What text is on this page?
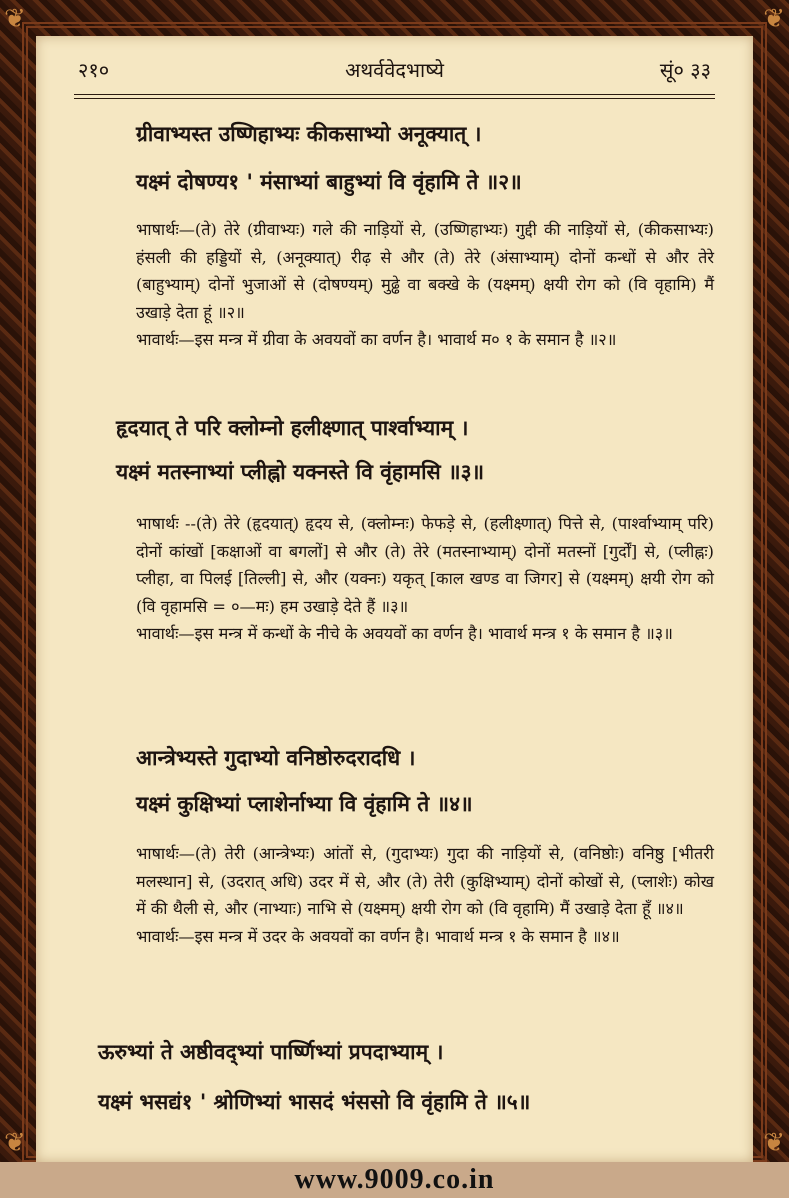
❦	❦
❦	❦
२१०	अथर्ववेदभाष्ये	सूं० ३३
ग्रीवाभ्यस्त उष्णिहाभ्यः कीकसाभ्यो अनूक्यात् ।
यक्ष्मं दोषण्य१ ' मंसाभ्यां बाहुभ्यां वि वृंहामि ते ॥२॥

भाषार्थः—(ते) तेरे (ग्रीवाभ्यः) गले की नाड़ियों से, (उष्णिहाभ्यः) गुद्दी की नाड़ियों से, (कीकसाभ्यः) हंसली की हड्डियों से, (अनूक्यात्) रीढ़ से और (ते) तेरे (अंसाभ्याम्) दोनों कन्धों से और तेरे (बाहुभ्याम्) दोनों भुजाओं से (दोषण्यम्) मुढ्ढे वा बक्खे के (यक्ष्मम्) क्षयी रोग को (वि वृहामि) मैं उखाड़े देता हूं ॥२॥

भावार्थः—इस मन्त्र में ग्रीवा के अवयवों का वर्णन है। भावार्थ म० १ के समान है ॥२॥

हृदयात् ते परि क्लोम्नो हलीक्ष्णात् पार्श्वाभ्याम् ।
यक्ष्मं मतस्नाभ्यां प्लीह्नो यक्नस्ते वि वृंहामसि ॥३॥

भाषार्थः --(ते) तेरे (हृदयात्) हृदय से, (क्लोम्नः) फेफड़े से, (हलीक्ष्णात्) पित्ते से, (पार्श्वाभ्याम् परि) दोनों कांखों [कक्षाओं वा बगलों] से और (ते) तेरे (मतस्नाभ्याम्) दोनों मतस्नों [गुर्दों] से, (प्लीह्नः) प्लीहा, वा पिलई [तिल्ली] से, और (यक्नः) यकृत् [काल खण्ड वा जिगर] से (यक्ष्मम्) क्षयी रोग को (वि वृहामसि = ०—मः) हम उखाड़े देते हैं ॥३॥

भावार्थः—इस मन्त्र में कन्धों के नीचे के अवयवों का वर्णन है। भावार्थ मन्त्र १ के समान है ॥३॥

आन्त्रेभ्यस्ते गुदाभ्यो वनिष्ठोरुदरादधि ।
यक्ष्मं कुक्षिभ्यां प्लाशेर्नाभ्या वि वृंहामि ते ॥४॥

भाषार्थः—(ते) तेरी (आन्त्रेभ्यः) आंतों से, (गुदाभ्यः) गुदा की नाड़ियों से, (वनिष्ठोः) वनिष्ठु [भीतरी मलस्थान] से, (उदरात् अधि) उदर में से, और (ते) तेरी (कुक्षिभ्याम्) दोनों कोखों से, (प्लाशेः) कोख में की थैली से, और (नाभ्याः) नाभि से (यक्ष्मम्) क्षयी रोग को (वि वृहामि) मैं उखाड़े देता हूँ ॥४॥

भावार्थः—इस मन्त्र में उदर के अवयवों का वर्णन है। भावार्थ मन्त्र १ के समान है ॥४॥

ऊरुभ्यां ते अष्ठीवद्भ्यां पार्ष्णिभ्यां प्रपदाभ्याम् ।
यक्ष्मं भसद्यं१ ' श्रोणिभ्यां भासदं भंससो वि वृंहामि ते ॥५॥
www.9009.co.in
